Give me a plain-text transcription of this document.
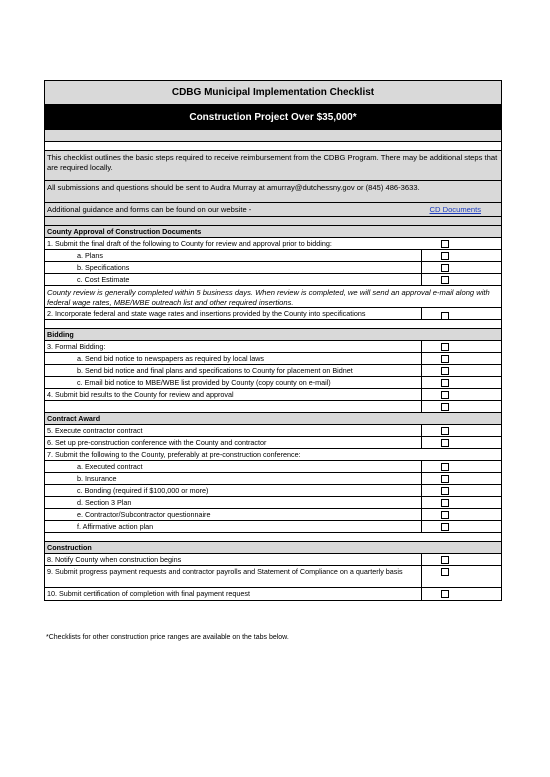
CDBG Municipal Implementation Checklist
Construction Project Over $35,000*
This checklist outlines the basic steps required to receive reimbursement from the CDBG Program. There may be additional steps that are required locally.
All submissions and questions should be sent to Audra Murray at amurray@dutchessny.gov or (845) 486-3633.
Additional guidance and forms can be found on our website -	CD Documents
County Approval of Construction Documents
1. Submit the final draft of the following to County for review and approval prior to bidding:
a. Plans
b. Specifications
c. Cost Estimate
County review is generally completed within 5 business days. When review is completed, we will send an approval e-mail along with federal wage rates, MBE/WBE outreach list and other required insertions.
2. Incorporate federal and state wage rates and insertions provided by the County into specifications
Bidding
3. Formal Bidding:
a. Send bid notice to newspapers as required by local laws
b. Send bid notice and final plans and specifications to County for placement on Bidnet
c. Email bid notice to MBE/WBE list provided by County (copy county on e-mail)
4. Submit bid results to the County for review and approval
Contract Award
5. Execute contractor contract
6. Set up pre-construction conference with the County and contractor
7. Submit the following to the County, preferably at pre-construction conference:
a. Executed contract
b. Insurance
c. Bonding (required if $100,000 or more)
d. Section 3 Plan
e. Contractor/Subcontractor questionnaire
f. Affirmative action plan
Construction
8. Notify County when construction begins
9. Submit progress payment requests and contractor payrolls and Statement of Compliance on a quarterly basis
10. Submit certification of completion with final payment request
*Checklists for other construction price ranges are available on the tabs below.
